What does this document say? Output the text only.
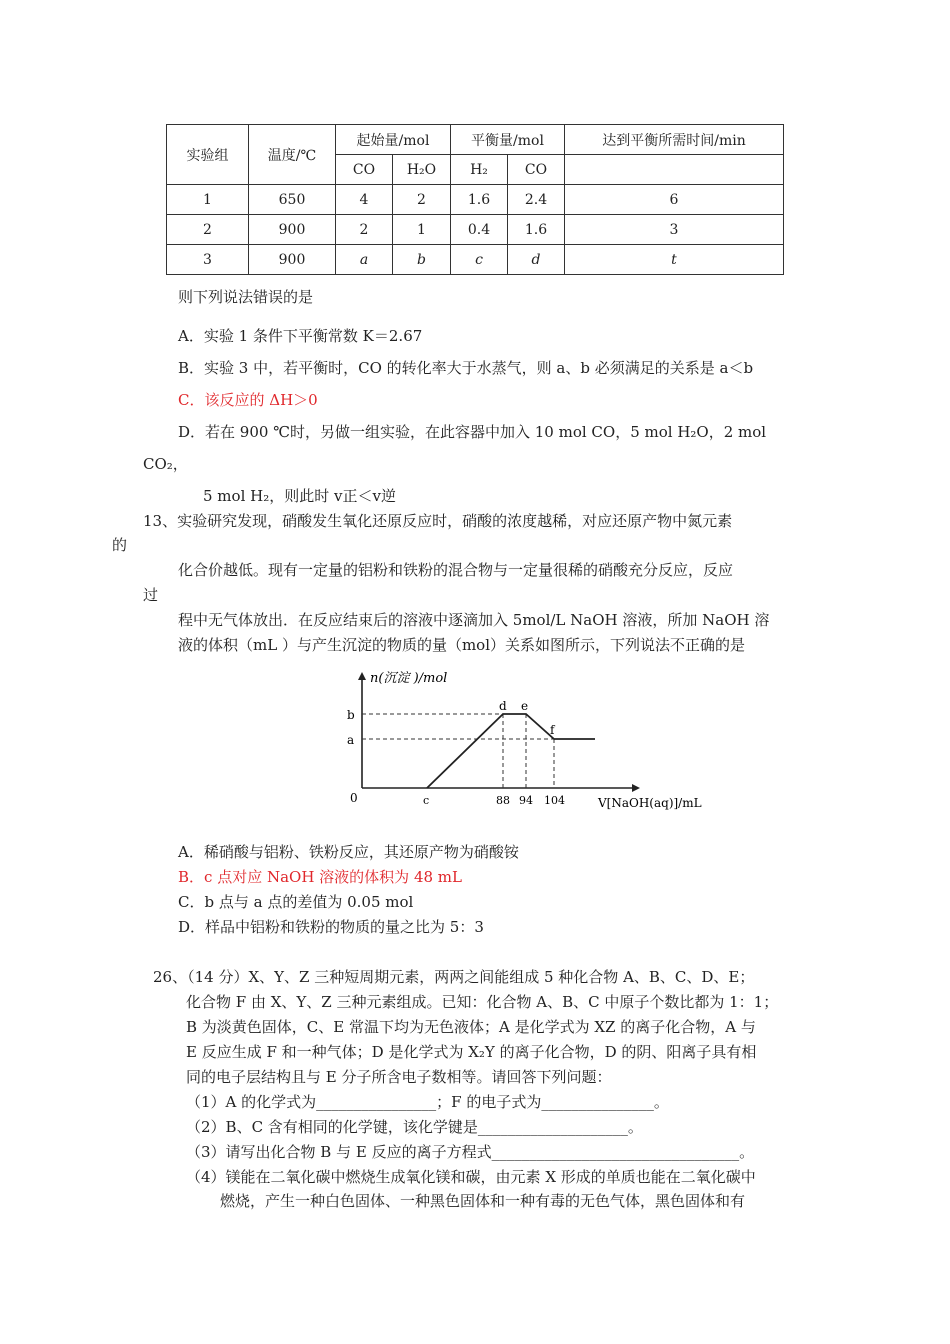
实验组	温度/℃	起始量/mol		平衡量/mol		达到平衡所需时间/min
		CO	H₂O	H₂	CO	
1	650	4	2	1.6	2.4	6
2	900	2	1	0.4	1.6	3
3	900	a	b	c	d	t
则下列说法错误的是
A．实验 1 条件下平衡常数 K＝2.67
B．实验 3 中，若平衡时，CO 的转化率大于水蒸气，则 a、b 必须满足的关系是 a＜b
C．该反应的 ΔH＞0
D．若在 900 ℃时，另做一组实验，在此容器中加入 10 mol CO，5 mol H₂O，2 mol
CO₂，
5 mol H₂，则此时 v正＜v逆
13、实验研究发现，硝酸发生氧化还原反应时，硝酸的浓度越稀，对应还原产物中氮元素
的
化合价越低。现有一定量的铝粉和铁粉的混合物与一定量很稀的硝酸充分反应，反应
过
程中无气体放出．在反应结束后的溶液中逐滴加入 5mol/L NaOH 溶液，所加 NaOH 溶
液的体积（mL ）与产生沉淀的物质的量（mol）关系如图所示，下列说法不正确的是
n(沉淀 )/mol
V[NaOH(aq)]/mL
0
b
a
c	88 94 104
d e
f
A．稀硝酸与铝粉、铁粉反应，其还原产物为硝酸铵
B．c 点对应 NaOH 溶液的体积为 48 mL
C．b 点与 a 点的差值为 0.05 mol
D．样品中铝粉和铁粉的物质的量之比为 5：3
26、（14 分）X、Y、Z 三种短周期元素，两两之间能组成 5 种化合物 A、B、C、D、E；
化合物 F 由 X、Y、Z 三种元素组成。已知：化合物 A、B、C 中原子个数比都为 1：1；
B 为淡黄色固体，C、E 常温下均为无色液体；A 是化学式为 XZ 的离子化合物，A 与
E 反应生成 F 和一种气体；D 是化学式为 X₂Y 的离子化合物，D 的阴、阳离子具有相
同的电子层结构且与 E 分子所含电子数相等。请回答下列问题：
（1）A 的化学式为________________；F 的电子式为_______________。
（2）B、C 含有相同的化学键，该化学键是____________________。
（3）请写出化合物 B 与 E 反应的离子方程式_________________________________。
（4）镁能在二氧化碳中燃烧生成氧化镁和碳，由元素 X 形成的单质也能在二氧化碳中
燃烧，产生一种白色固体、一种黑色固体和一种有毒的无色气体，黑色固体和有
